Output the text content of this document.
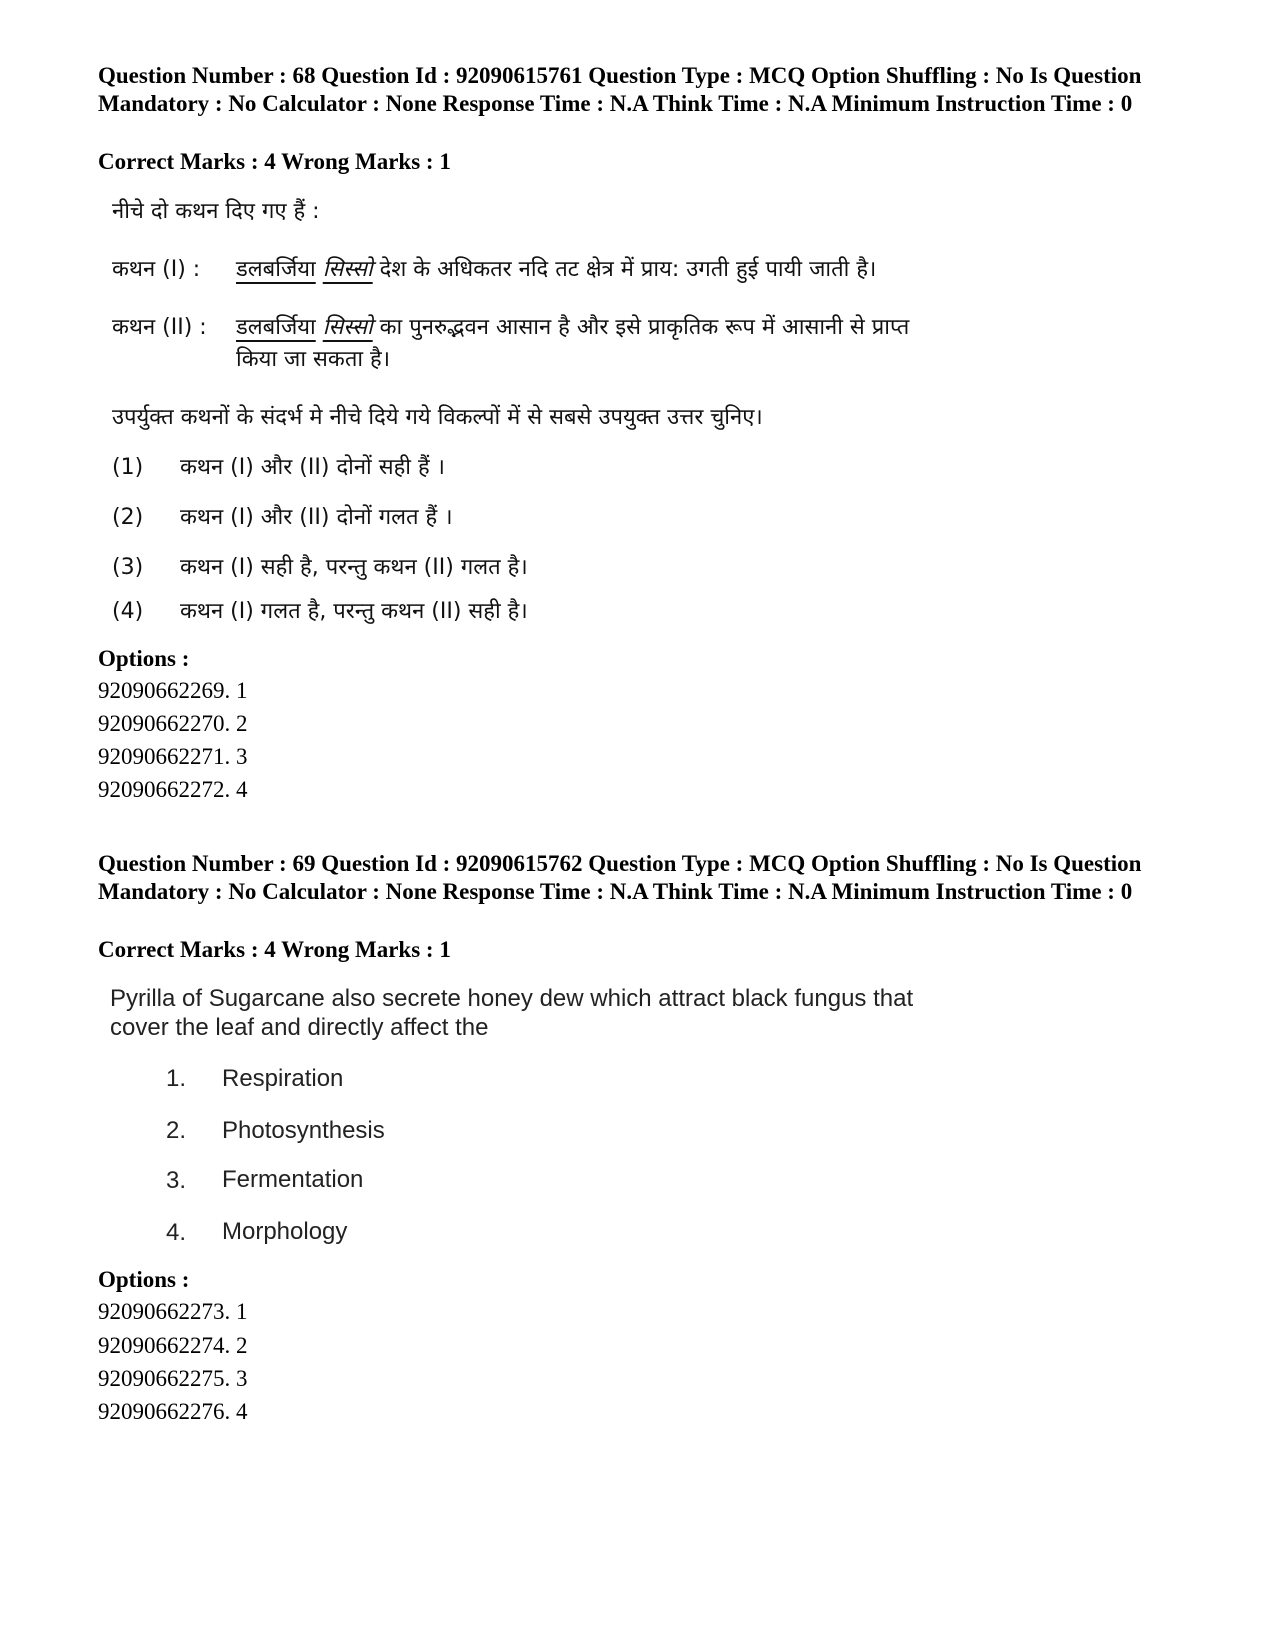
Question Number : 68 Question Id : 92090615761 Question Type : MCQ Option Shuffling : No Is Question Mandatory : No Calculator : None Response Time : N.A Think Time : N.A Minimum Instruction Time : 0
Correct Marks : 4 Wrong Marks : 1
नीचे दो कथन दिए गए हैं :
कथन (I) : डलबर्जिया सिस्सो देश के अधिकतर नदि तट क्षेत्र में प्राय: उगती हुई पायी जाती है।
कथन (II) : डलबर्जिया सिस्सो का पुनरुद्भवन आसान है और इसे प्राकृतिक रूप में आसानी से प्राप्त
किया जा सकता है।
उपर्युक्त कथनों के संदर्भ मे नीचे दिये गये विकल्पों में से सबसे उपयुक्त उत्तर चुनिए।
(1) कथन (I) और (II) दोनों सही हैं ।
(2) कथन (I) और (II) दोनों गलत हैं ।
(3) कथन (I) सही है, परन्तु कथन (II) गलत है।
(4) कथन (I) गलत है, परन्तु कथन (II) सही है।
Options :
92090662269. 1
92090662270. 2
92090662271. 3
92090662272. 4
Question Number : 69 Question Id : 92090615762 Question Type : MCQ Option Shuffling : No Is Question Mandatory : No Calculator : None Response Time : N.A Think Time : N.A Minimum Instruction Time : 0
Correct Marks : 4 Wrong Marks : 1
Pyrilla of Sugarcane also secrete honey dew which attract black fungus that
cover the leaf and directly affect the
1. Respiration
2. Photosynthesis
3. Fermentation
4. Morphology
Options :
92090662273. 1
92090662274. 2
92090662275. 3
92090662276. 4
